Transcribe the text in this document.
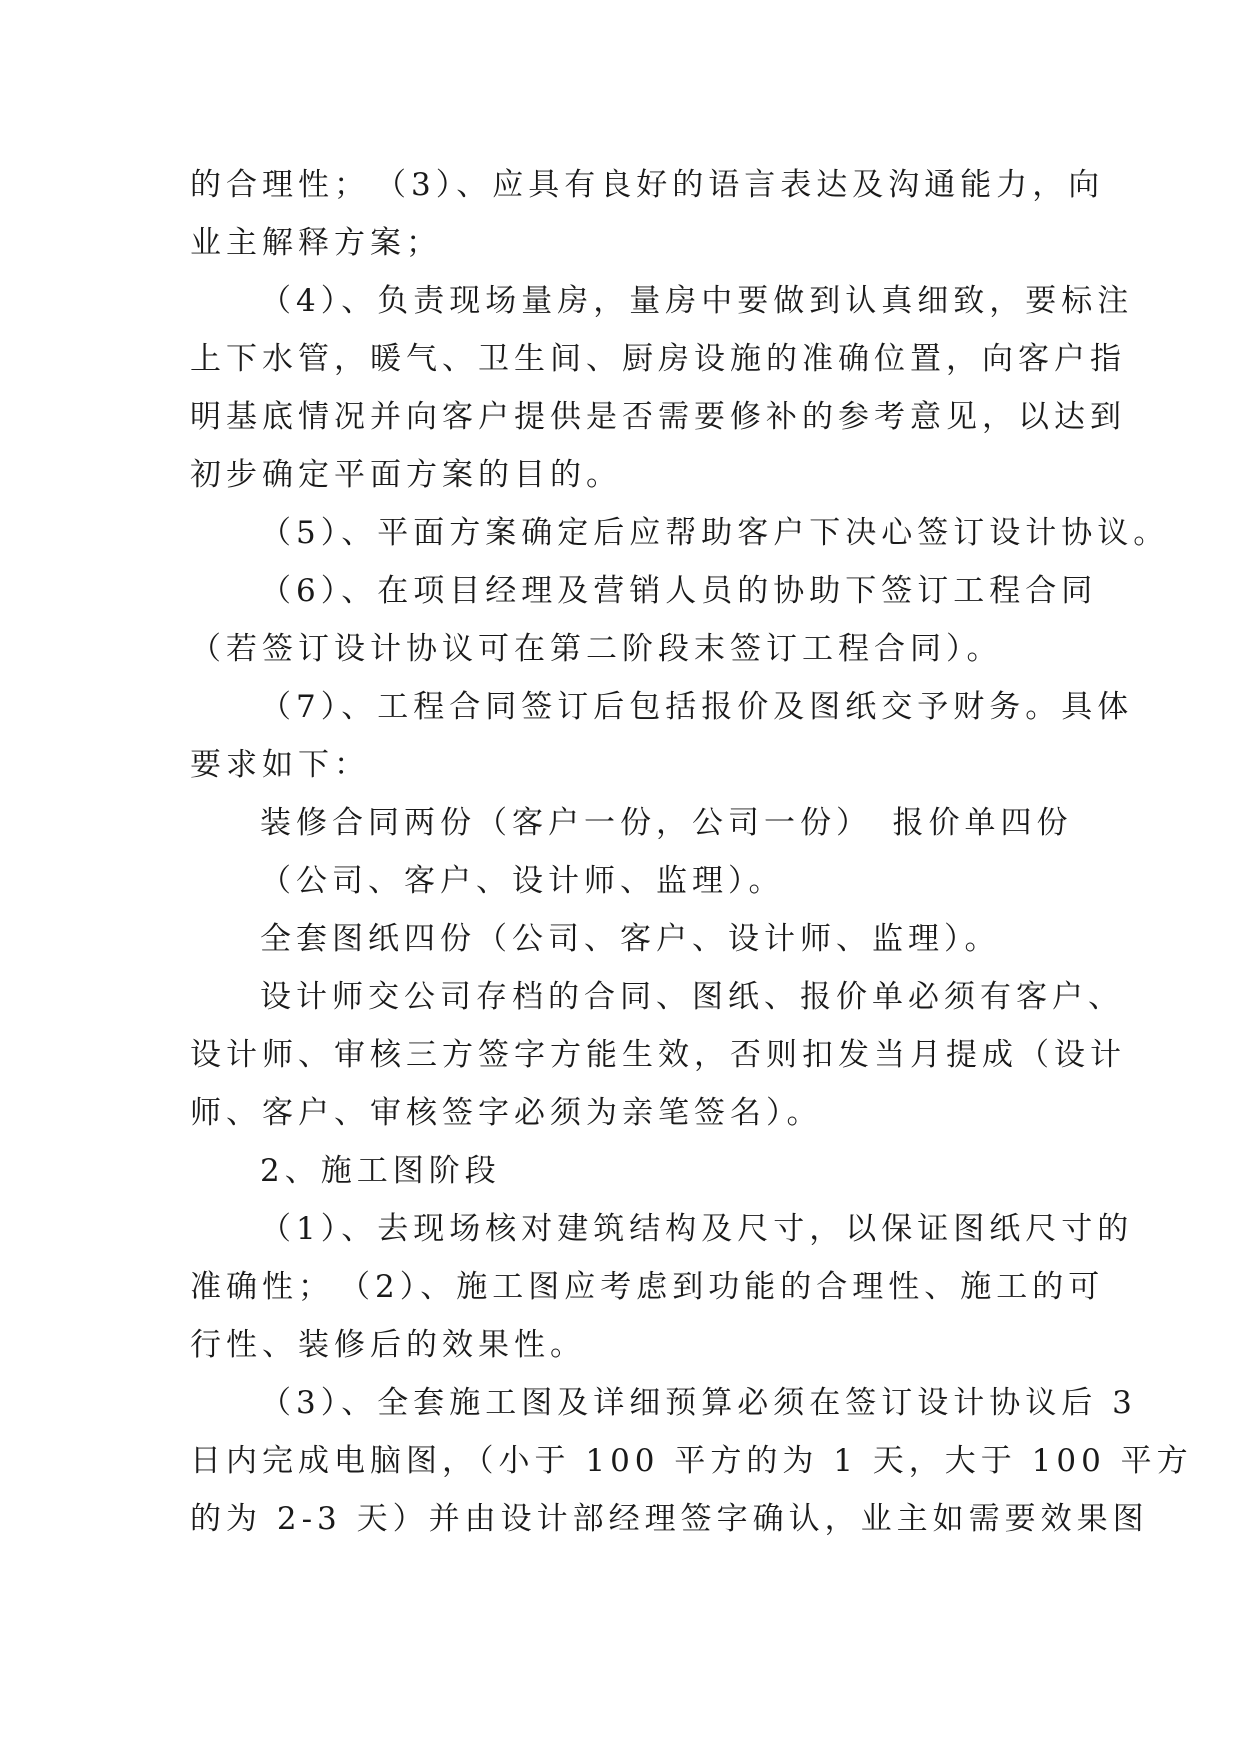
的合理性；　（3）、应具有良好的语言表达及沟通能力，向
业主解释方案；
（4）、负责现场量房，量房中要做到认真细致，要标注
上下水管，暖气、卫生间、厨房设施的准确位置，向客户指
明基底情况并向客户提供是否需要修补的参考意见，以达到
初步确定平面方案的目的。
（5）、平面方案确定后应帮助客户下决心签订设计协议。
（6）、在项目经理及营销人员的协助下签订工程合同
（若签订设计协议可在第二阶段末签订工程合同）。
（7）、工程合同签订后包括报价及图纸交予财务。具体
要求如下：
装修合同两份（客户一份，公司一份）　报价单四份
（公司、客户、设计师、监理）。
全套图纸四份（公司、客户、设计师、监理）。
设计师交公司存档的合同、图纸、报价单必须有客户、
设计师、审核三方签字方能生效，否则扣发当月提成（设计
师、客户、审核签字必须为亲笔签名）。
2、施工图阶段
（1）、去现场核对建筑结构及尺寸，以保证图纸尺寸的
准确性；　（2）、施工图应考虑到功能的合理性、施工的可
行性、装修后的效果性。
（3）、全套施工图及详细预算必须在签订设计协议后 3
日内完成电脑图，（小于 100 平方的为 1 天，大于 100 平方
的为 2-3 天）并由设计部经理签字确认，业主如需要效果图
